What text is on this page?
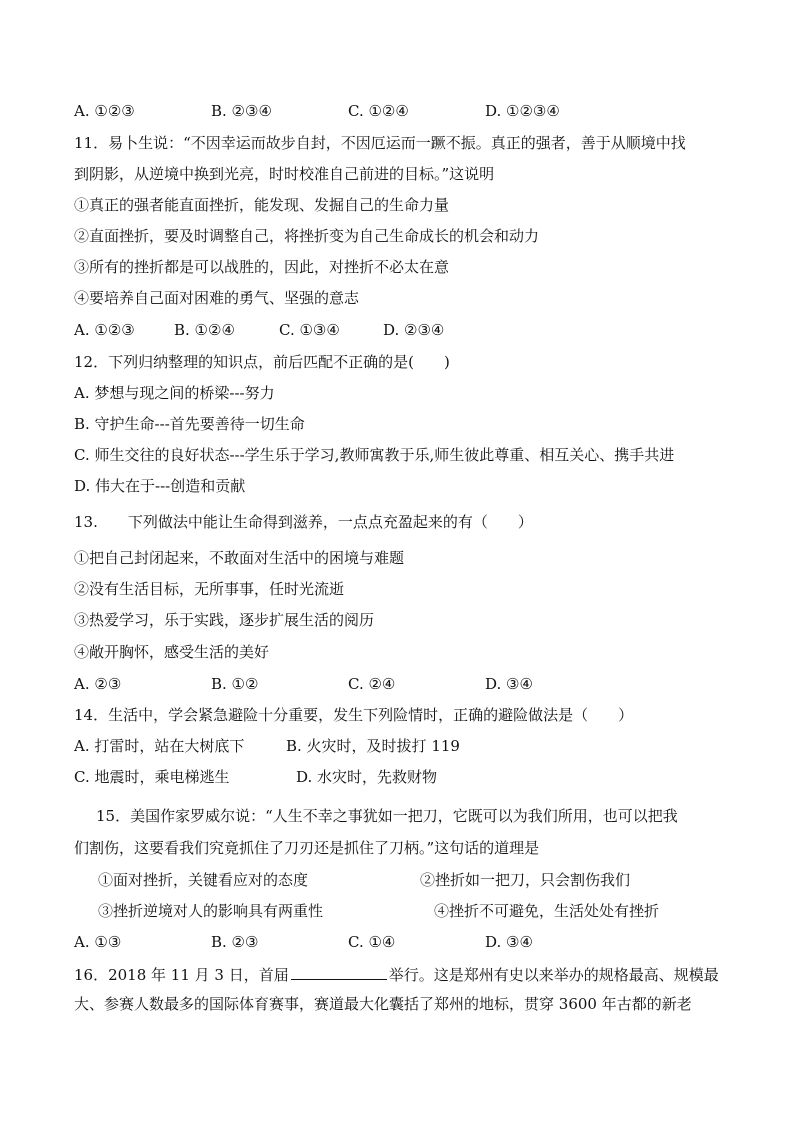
A. ①②③	B. ②③④	C. ①②④	D. ①②③④
11．易卜生说：“不因幸运而故步自封，不因厄运而一蹶不振。真正的强者，善于从顺境中找
到阴影，从逆境中换到光亮，时时校准自己前进的目标。”这说明
①真正的强者能直面挫折，能发现、发掘自己的生命力量
②直面挫折，要及时调整自己，将挫折变为自己生命成长的机会和动力
③所有的挫折都是可以战胜的，因此，对挫折不必太在意
④要培养自己面对困难的勇气、坚强的意志
A. ①②③	B. ①②④	C. ①③④	D. ②③④
12．下列归纳整理的知识点，前后匹配不正确的是(　　)
A. 梦想与现之间的桥梁---努力
B. 守护生命---首先要善待一切生命
C. 师生交往的良好状态---学生乐于学习,教师寓教于乐,师生彼此尊重、相互关心、携手共进
D. 伟大在于---创造和贡献
13.　　下列做法中能让生命得到滋养，一点点充盈起来的有（　　）
①把自己封闭起来，不敢面对生活中的困境与难题
②没有生活目标，无所事事，任时光流逝
③热爱学习，乐于实践，逐步扩展生活的阅历
④敞开胸怀，感受生活的美好
A. ②③	B. ①②	C. ②④	D. ③④
14．生活中，学会紧急避险十分重要，发生下列险情时，正确的避险做法是（　　）
A. 打雷时，站在大树底下	B. 火灾时，及时拔打 119
C. 地震时，乘电梯逃生	D. 水灾时，先救财物
15．美国作家罗威尔说：“人生不幸之事犹如一把刀，它既可以为我们所用，也可以把我
们割伤，这要看我们究竟抓住了刀刃还是抓住了刀柄。”这句话的道理是
①面对挫折，关键看应对的态度	②挫折如一把刀，只会割伤我们
③挫折逆境对人的影响具有两重性	④挫折不可避免，生活处处有挫折
A. ①③	B. ②③	C. ①④	D. ③④
16．2018 年 11 月 3 日，首届	举行。这是郑州有史以来举办的规格最高、规模最
大、参赛人数最多的国际体育赛事，赛道最大化囊括了郑州的地标，贯穿 3600 年古都的新老
